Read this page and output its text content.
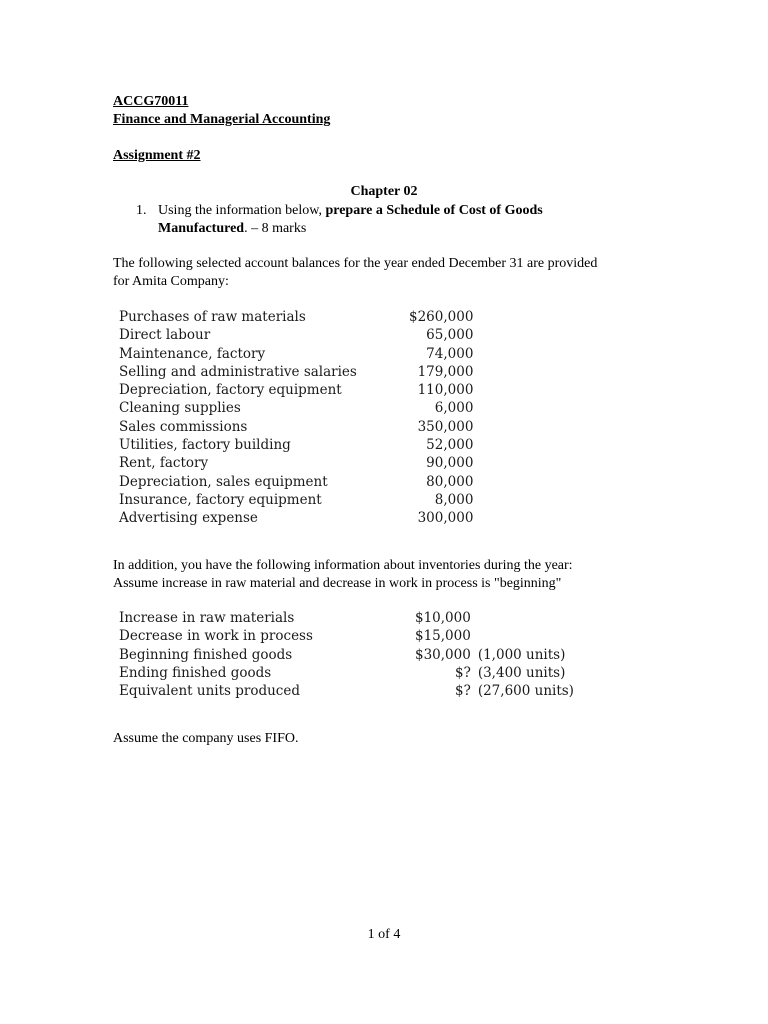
ACCG70011
Finance and Managerial Accounting
Assignment #2
Chapter 02
1. Using the information below, prepare a Schedule of Cost of Goods
Manufactured. – 8 marks
The following selected account balances for the year ended December 31 are provided
for Amita Company:
Purchases of raw materials	$260,000
Direct labour	65,000
Maintenance, factory	74,000
Selling and administrative salaries	179,000
Depreciation, factory equipment	110,000
Cleaning supplies	6,000
Sales commissions	350,000
Utilities, factory building	52,000
Rent, factory	90,000
Depreciation, sales equipment	80,000
Insurance, factory equipment	8,000
Advertising expense	300,000
In addition, you have the following information about inventories during the year:
Assume increase in raw material and decrease in work in process is "beginning"
Increase in raw materials	$10,000	
Decrease in work in process	$15,000	
Beginning finished goods	$30,000	(1,000 units)
Ending finished goods	$?	(3,400 units)
Equivalent units produced	$?	(27,600 units)
Assume the company uses FIFO.
1 of 4
